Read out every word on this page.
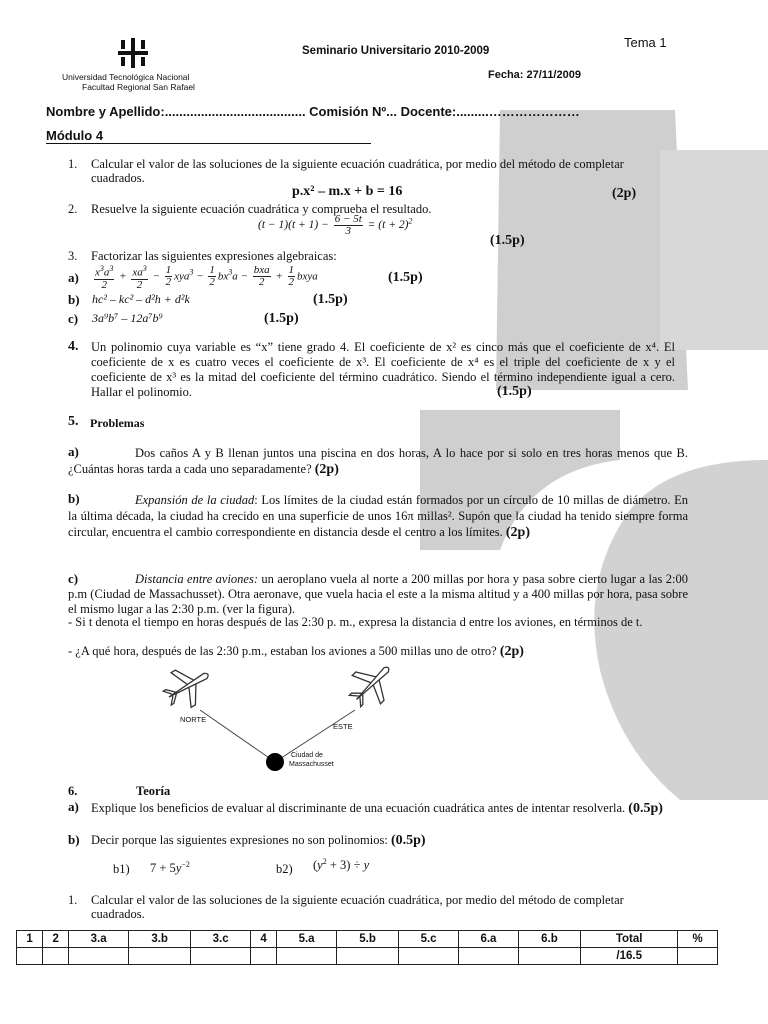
Tema 1
Seminario Universitario 2010-2009
Universidad Tecnológica Nacional
Facultad Regional San Rafael
Fecha: 27/11/2009
Nombre y Apellido:....................................... Comisión Nº... Docente:.........…………………
Módulo 4
1. Calcular el valor de las soluciones de la siguiente ecuación cuadrática, por medio del método de completar cuadrados.
p.x² – m.x + b = 16	(2p)
2. Resuelve la siguiente ecuación cuadrática y comprueba el resultado.
$(t - 1)(t + 1) - \frac{6 - 5t}{3} = (t + 2)^2$
(1.5p)
3. Factorizar las siguientes expresiones algebraicas:
$a) \frac{x^3a^3}{2} + \frac{xa^3}{2} - \frac{1}{2} xya^3 - \frac{1}{2} bx^3a - \frac{\text{bxa}}{2} + \frac{1}{2}$ bxya	(1.5p)
b) hc² – kc² – d²h + d²k	(1.5p)
c) 3a⁹b⁷ – 12a⁷b⁹	(1.5p)
4. Un polinomio cuya variable es “x” tiene grado 4. El coeficiente de x² es cinco más que el coeficiente de x⁴. El coeficiente de x es cuatro veces el coeficiente de x³. El coeficiente de x⁴ es el triple del coeficiente de x y el coeficiente de x³ es la mitad del coeficiente del término cuadrático. Siendo el término independiente igual a cero. Hallar el polinomio.	(1.5p)
5. Problemas
a)	Dos caños A y B llenan juntos una piscina en dos horas, A lo hace por si solo en tres horas menos que B. ¿Cuántas horas tarda a cada uno separadamente? (2p)
b)	Expansión de la ciudad: Los límites de la ciudad están formados por un círculo de 10 millas de diámetro. En la última década, la ciudad ha crecido en una superficie de unos 16π millas². Supón que la ciudad ha tenido siempre forma circular, encuentra el cambio correspondiente en distancia desde el centro a los límites. (2p)
c)	Distancia entre aviones: un aeroplano vuela al norte a 200 millas por hora y pasa sobre cierto lugar a las 2:00 p.m (Ciudad de Massachusset). Otra aeronave, que vuela hacia el este a la misma altitud y a 400 millas por hora, pasa sobre el mismo lugar a las 2:30 p.m. (ver la figura).
- Si t denota el tiempo en horas después de las 2:30 p. m., expresa la distancia d entre los aviones, en términos de t.
- ¿A qué hora, después de las 2:30 p.m., estaban los aviones a 500 millas uno de otro? (2p)
NORTE
ESTE
Ciudad de
Massachusset
6.	Teoría
a) Explique los beneficios de evaluar al discriminante de una ecuación cuadrática antes de intentar resolverla. (0.5p)
b) Decir porque las siguientes expresiones no son polinomios: (0.5p)
b1) $7 + 5y^{-2}$	b2) $(y^2 + 3) \div y$
1. Calcular el valor de las soluciones de la siguiente ecuación cuadrática, por medio del método de completar cuadrados.
1	2	3.a	3.b	3.c	4	5.a	5.b	5.c	6.a	6.b	Total	%
											/16.5	
